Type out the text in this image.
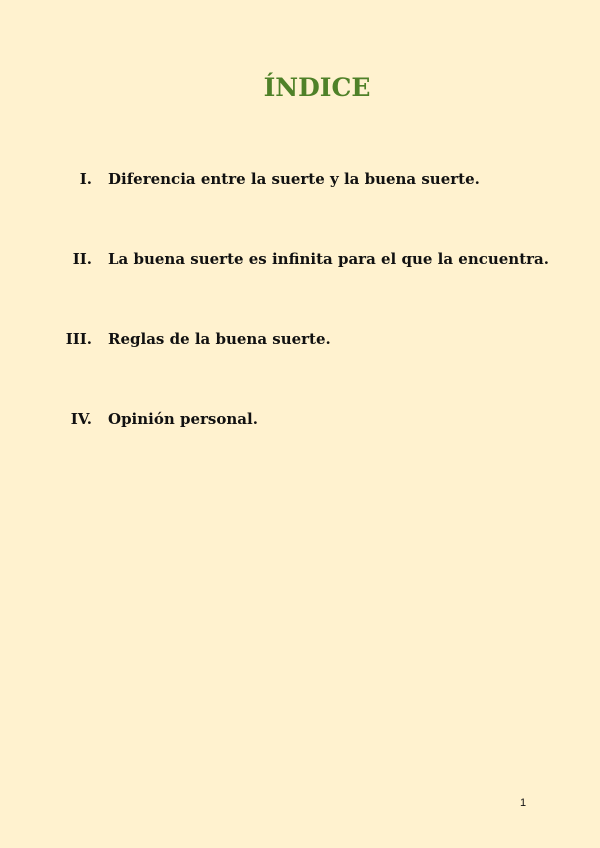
ÍNDICE
I. Diferencia entre la suerte y la buena suerte.
II. La buena suerte es infinita para el que la encuentra.
III. Reglas de la buena suerte.
IV. Opinión personal.
1
